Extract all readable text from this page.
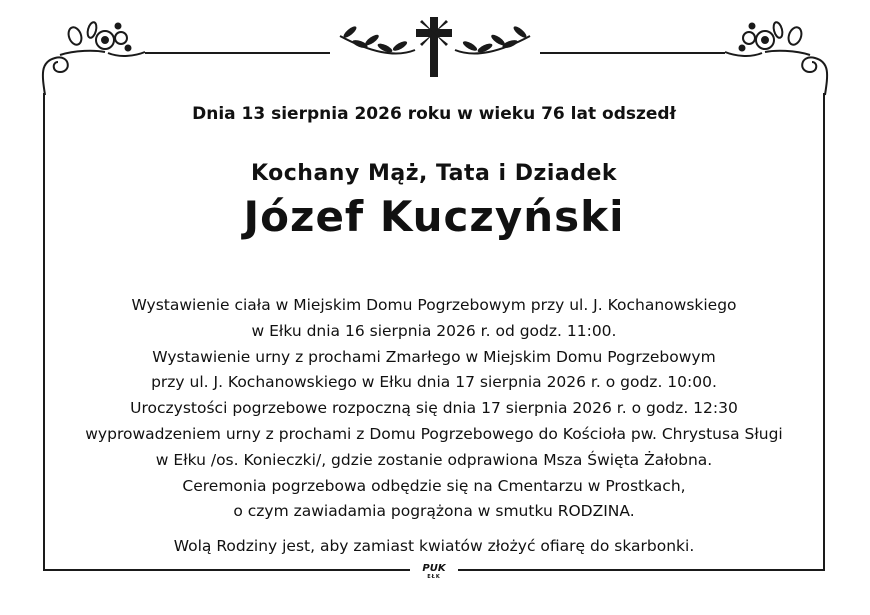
PUK
EŁK
Dnia 13 sierpnia 2026 roku w wieku 76 lat odszedł
Kochany Mąż, Tata i Dziadek
Józef Kuczyński
Wystawienie ciała w Miejskim Domu Pogrzebowym przy ul. J. Kochanowskiego
w Ełku dnia 16 sierpnia 2026 r. od godz. 11:00.
Wystawienie urny z prochami Zmarłego w Miejskim Domu Pogrzebowym
przy ul. J. Kochanowskiego w Ełku dnia 17 sierpnia 2026 r. o godz. 10:00.
Uroczystości pogrzebowe rozpoczną się dnia 17 sierpnia 2026 r. o godz. 12:30
wyprowadzeniem urny z prochami z Domu Pogrzebowego do Kościoła pw. Chrystusa Sługi
w Ełku /os. Konieczki/, gdzie zostanie odprawiona Msza Święta Żałobna.
Ceremonia pogrzebowa odbędzie się na Cmentarzu w Prostkach,
o czym zawiadamia pogrążona w smutku RODZINA.
Wolą Rodziny jest, aby zamiast kwiatów złożyć ofiarę do skarbonki.
